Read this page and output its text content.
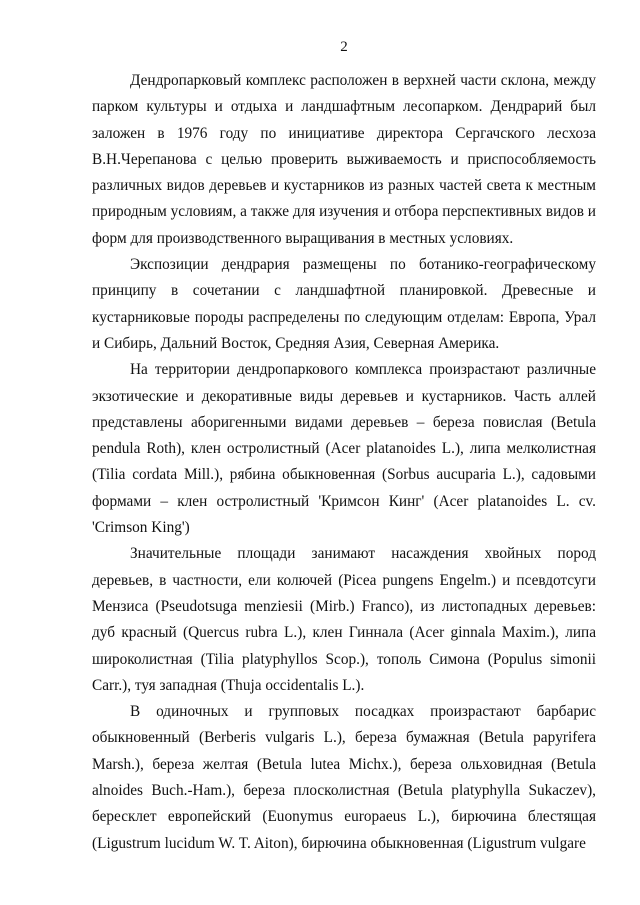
2

Дендропарковый комплекс расположен в верхней части склона, между парком культуры и отдыха и ландшафтным лесопарком. Дендрарий был заложен в 1976 году по инициативе директора Сергачского лесхоза В.Н.Черепанова с целью проверить выживаемость и приспособляемость различных видов деревьев и кустарников из разных частей света к местным природным условиям, а также для изучения и отбора перспективных видов и форм для производственного выращивания в местных условиях.

Экспозиции дендрария размещены по ботанико-географическому принципу в сочетании с ландшафтной планировкой. Древесные и кустарниковые породы распределены по следующим отделам: Европа, Урал и Сибирь, Дальний Восток, Средняя Азия, Северная Америка.

На территории дендропаркового комплекса произрастают различные экзотические и декоративные виды деревьев и кустарников. Часть аллей представлены аборигенными видами деревьев – береза повислая (Betula pendula Roth), клен остролистный (Acer platanoides L.), липа мелколистная (Tilia cordata Mill.), рябина обыкновенная (Sorbus aucuparia L.), садовыми формами – клен остролистный 'Кримсон Кинг' (Acer platanoides L. cv. 'Crimson King')

Значительные площади занимают насаждения хвойных пород деревьев, в частности, ели колючей (Picea pungens Engelm.) и псевдотсуги Мензиса (Pseudotsuga menziesii (Mirb.) Franco), из листопадных деревьев: дуб красный (Quercus rubra L.), клен Гиннала (Acer ginnala Maxim.), липа широколистная (Tilia platyphyllos Scop.), тополь Симона (Populus simonii Carr.), туя западная (Thuja occidentalis L.).

В одиночных и групповых посадках произрастают барбарис обыкновенный (Berberis vulgaris L.), береза бумажная (Betula papyrifera Marsh.), береза желтая (Betula lutea Michx.), береза ольховидная (Betula alnoides Buch.-Ham.), береза плосколистная (Betula platyphylla Sukaczev), бересклет европейский (Euonymus europaeus L.), бирючина блестящая (Ligustrum lucidum W. T. Aiton), бирючина обыкновенная (Ligustrum vulgare
